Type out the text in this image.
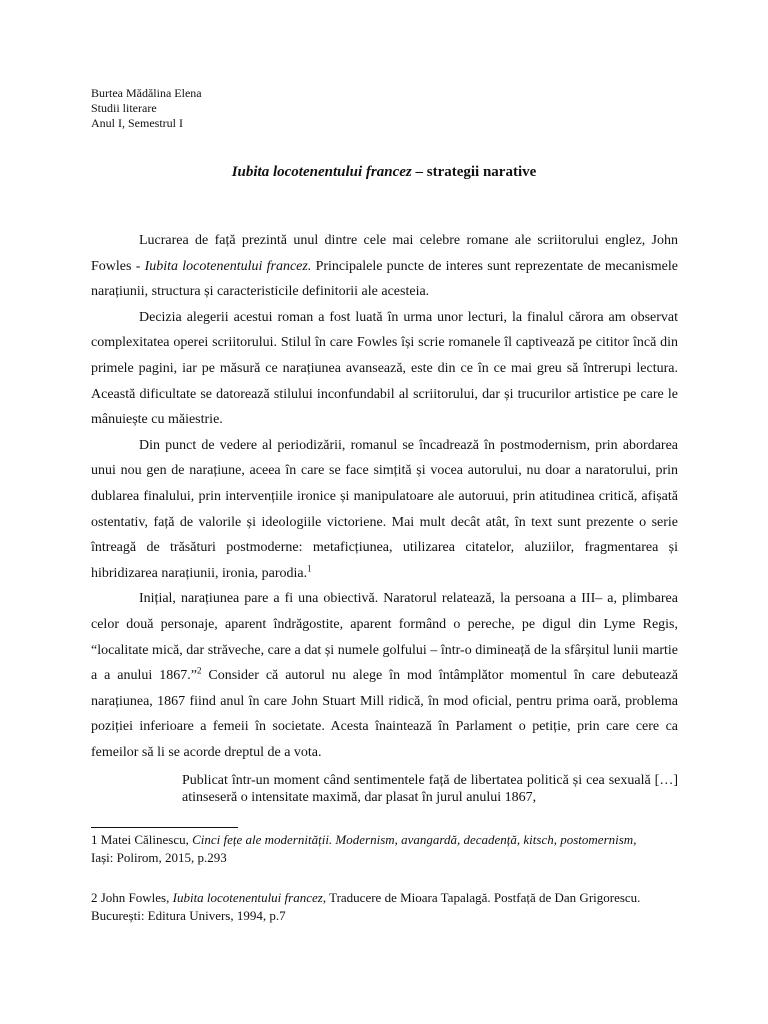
Burtea Mădălina Elena
Studii literare
Anul I, Semestrul I
Iubita locotenentului francez – strategii narative

Lucrarea de față prezintă unul dintre cele mai celebre romane ale scriitorului englez, John Fowles - Iubita locotenentului francez. Principalele puncte de interes sunt reprezentate de mecanismele narațiunii, structura și caracteristicile definitorii ale acesteia.

Decizia alegerii acestui roman a fost luată în urma unor lecturi, la finalul cărora am observat complexitatea operei scriitorului. Stilul în care Fowles își scrie romanele îl captivează pe cititor încă din primele pagini, iar pe măsură ce narațiunea avansează, este din ce în ce mai greu să întrerupi lectura. Această dificultate se datorează stilului inconfundabil al scriitorului, dar și trucurilor artistice pe care le mânuiește cu măiestrie.

Din punct de vedere al periodizării, romanul se încadrează în postmodernism, prin abordarea unui nou gen de narațiune, aceea în care se face simțită și vocea autorului, nu doar a naratorului, prin dublarea finalului, prin intervențiile ironice și manipulatoare ale autoruui, prin atitudinea critică, afișată ostentativ, față de valorile și ideologiile victoriene. Mai mult decât atât, în text sunt prezente o serie întreagă de trăsături postmoderne: metaficțiunea, utilizarea citatelor, aluziilor, fragmentarea și hibridizarea narațiunii, ironia, parodia.$^1$

Inițial, narațiunea pare a fi una obiectivă. Naratorul relatează, la persoana a III– a, plimbarea celor două personaje, aparent îndrăgostite, aparent formând o pereche, pe digul din Lyme Regis, “localitate mică, dar străveche, care a dat și numele golfului – într-o dimineață de la sfârșitul lunii martie a a anului 1867.”$^2$ Consider că autorul nu alege în mod întâmplător momentul în care debutează narațiunea, 1867 fiind anul în care John Stuart Mill ridică, în mod oficial, pentru prima oară, problema poziției inferioare a femeii în societate. Acesta înaintează în Parlament o petiție, prin care cere ca femeilor să li se acorde dreptul de a vota.

Publicat într-un moment când sentimentele față de libertatea politică și cea sexuală […] atinseseră o intensitate maximă, dar plasat în jurul anului 1867,
1 Matei Călinescu, Cinci fețe ale modernității. Modernism, avangardă, decadență, kitsch, postomernism, Iași: Polirom, 2015, p.293
2 John Fowles, Iubita locotenentului francez, Traducere de Mioara Tapalagă. Postfață de Dan Grigorescu. București: Editura Univers, 1994, p.7
